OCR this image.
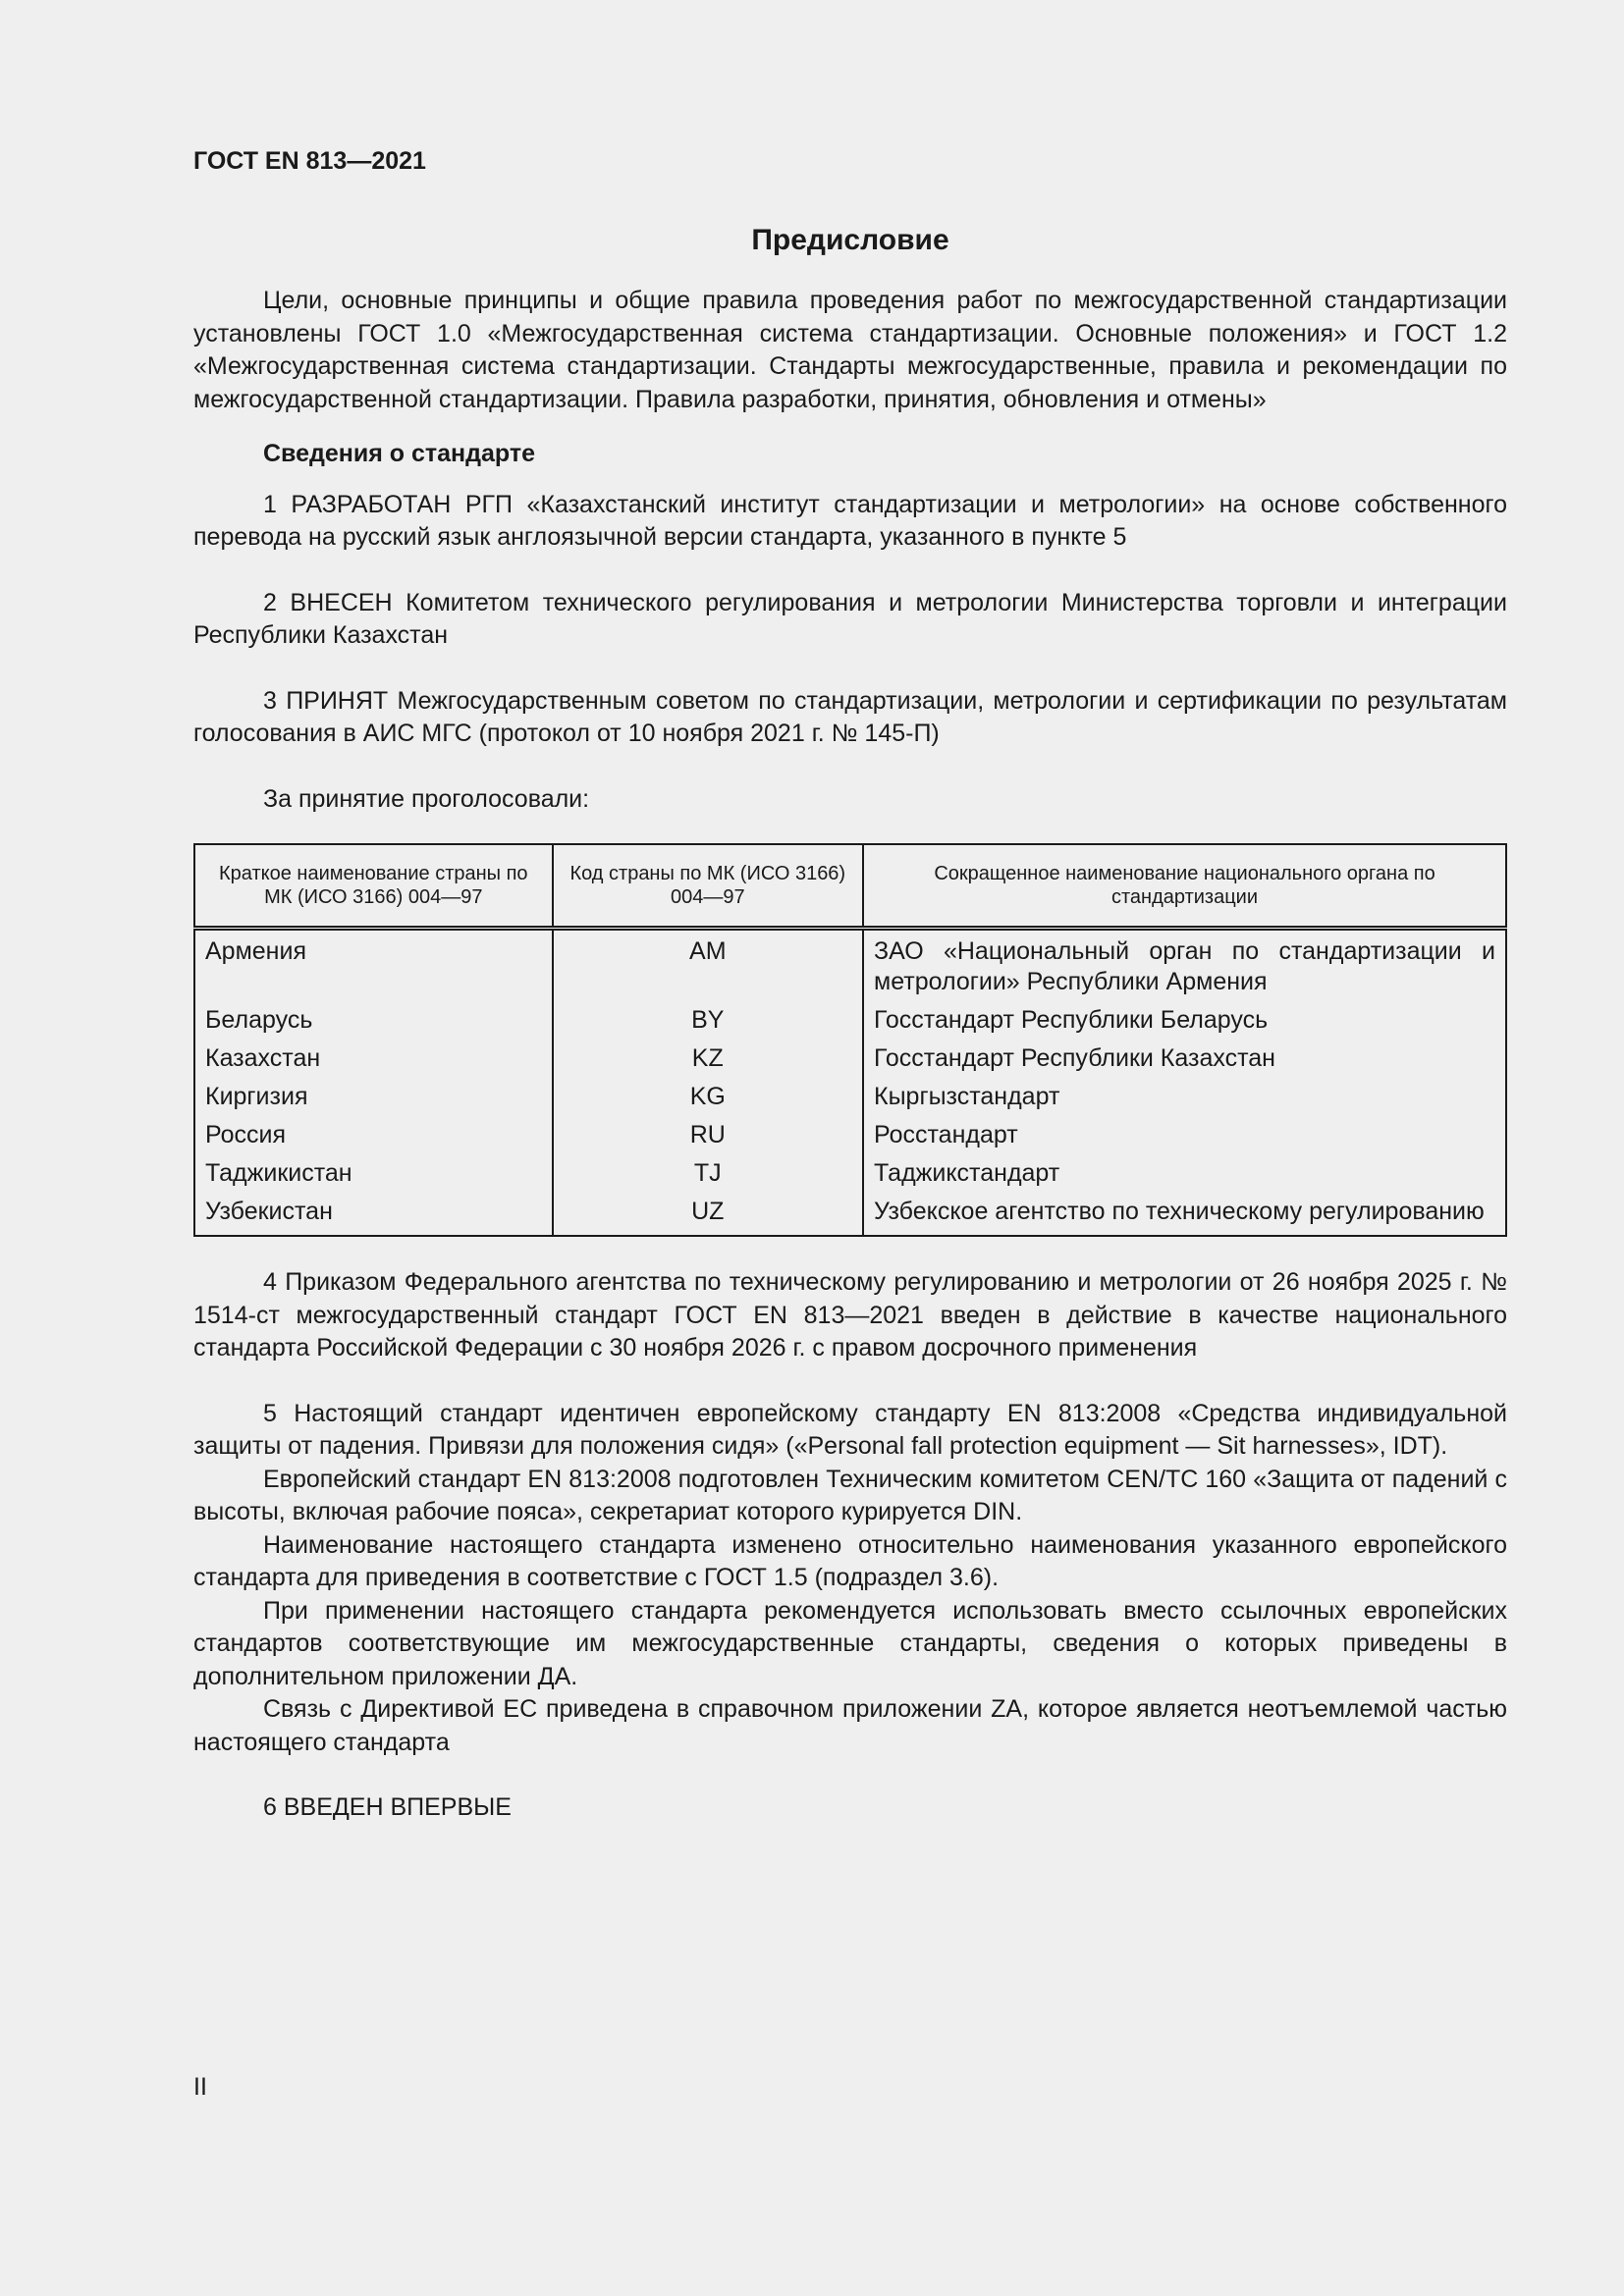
ГОСТ EN 813—2021
Предисловие

Цели, основные принципы и общие правила проведения работ по межгосударственной стандартизации установлены ГОСТ 1.0 «Межгосударственная система стандартизации. Основные положения» и ГОСТ 1.2 «Межгосударственная система стандартизации. Стандарты межгосударственные, правила и рекомендации по межгосударственной стандартизации. Правила разработки, принятия, обновления и отмены»

Сведения о стандарте

1 РАЗРАБОТАН РГП «Казахстанский институт стандартизации и метрологии» на основе собственного перевода на русский язык англоязычной версии стандарта, указанного в пункте 5

2 ВНЕСЕН Комитетом технического регулирования и метрологии Министерства торговли и интеграции Республики Казахстан

3 ПРИНЯТ Межгосударственным советом по стандартизации, метрологии и сертификации по результатам голосования в АИС МГС (протокол от 10 ноября 2021 г. № 145-П)

За принятие проголосовали:

Краткое наименование страны по МК (ИСО 3166) 004—97	Код страны по МК (ИСО 3166) 004—97	Сокращенное наименование национального органа по стандартизации
Армения	AM	ЗАО «Национальный орган по стандартизации и метрологии» Республики Армения
Беларусь	BY	Госстандарт Республики Беларусь
Казахстан	KZ	Госстандарт Республики Казахстан
Киргизия	KG	Кыргызстандарт
Россия	RU	Росстандарт
Таджикистан	TJ	Таджикстандарт
Узбекистан	UZ	Узбекское агентство по техническому регулированию

4 Приказом Федерального агентства по техническому регулированию и метрологии от 26 ноября 2025 г. № 1514-ст межгосударственный стандарт ГОСТ EN 813—2021 введен в действие в качестве национального стандарта Российской Федерации с 30 ноября 2026 г. с правом досрочного применения

5 Настоящий стандарт идентичен европейскому стандарту EN 813:2008 «Средства индивидуальной защиты от падения. Привязи для положения сидя» («Personal fall protection equipment — Sit harnesses», IDT).

Европейский стандарт EN 813:2008 подготовлен Техническим комитетом CEN/TC 160 «Защита от падений с высоты, включая рабочие пояса», секретариат которого курируется DIN.

Наименование настоящего стандарта изменено относительно наименования указанного европейского стандарта для приведения в соответствие с ГОСТ 1.5 (подраздел 3.6).

При применении настоящего стандарта рекомендуется использовать вместо ссылочных европейских стандартов соответствующие им межгосударственные стандарты, сведения о которых приведены в дополнительном приложении ДА.

Связь с Директивой ЕС приведена в справочном приложении ZA, которое является неотъемлемой частью настоящего стандарта

6 ВВЕДЕН ВПЕРВЫЕ

II
